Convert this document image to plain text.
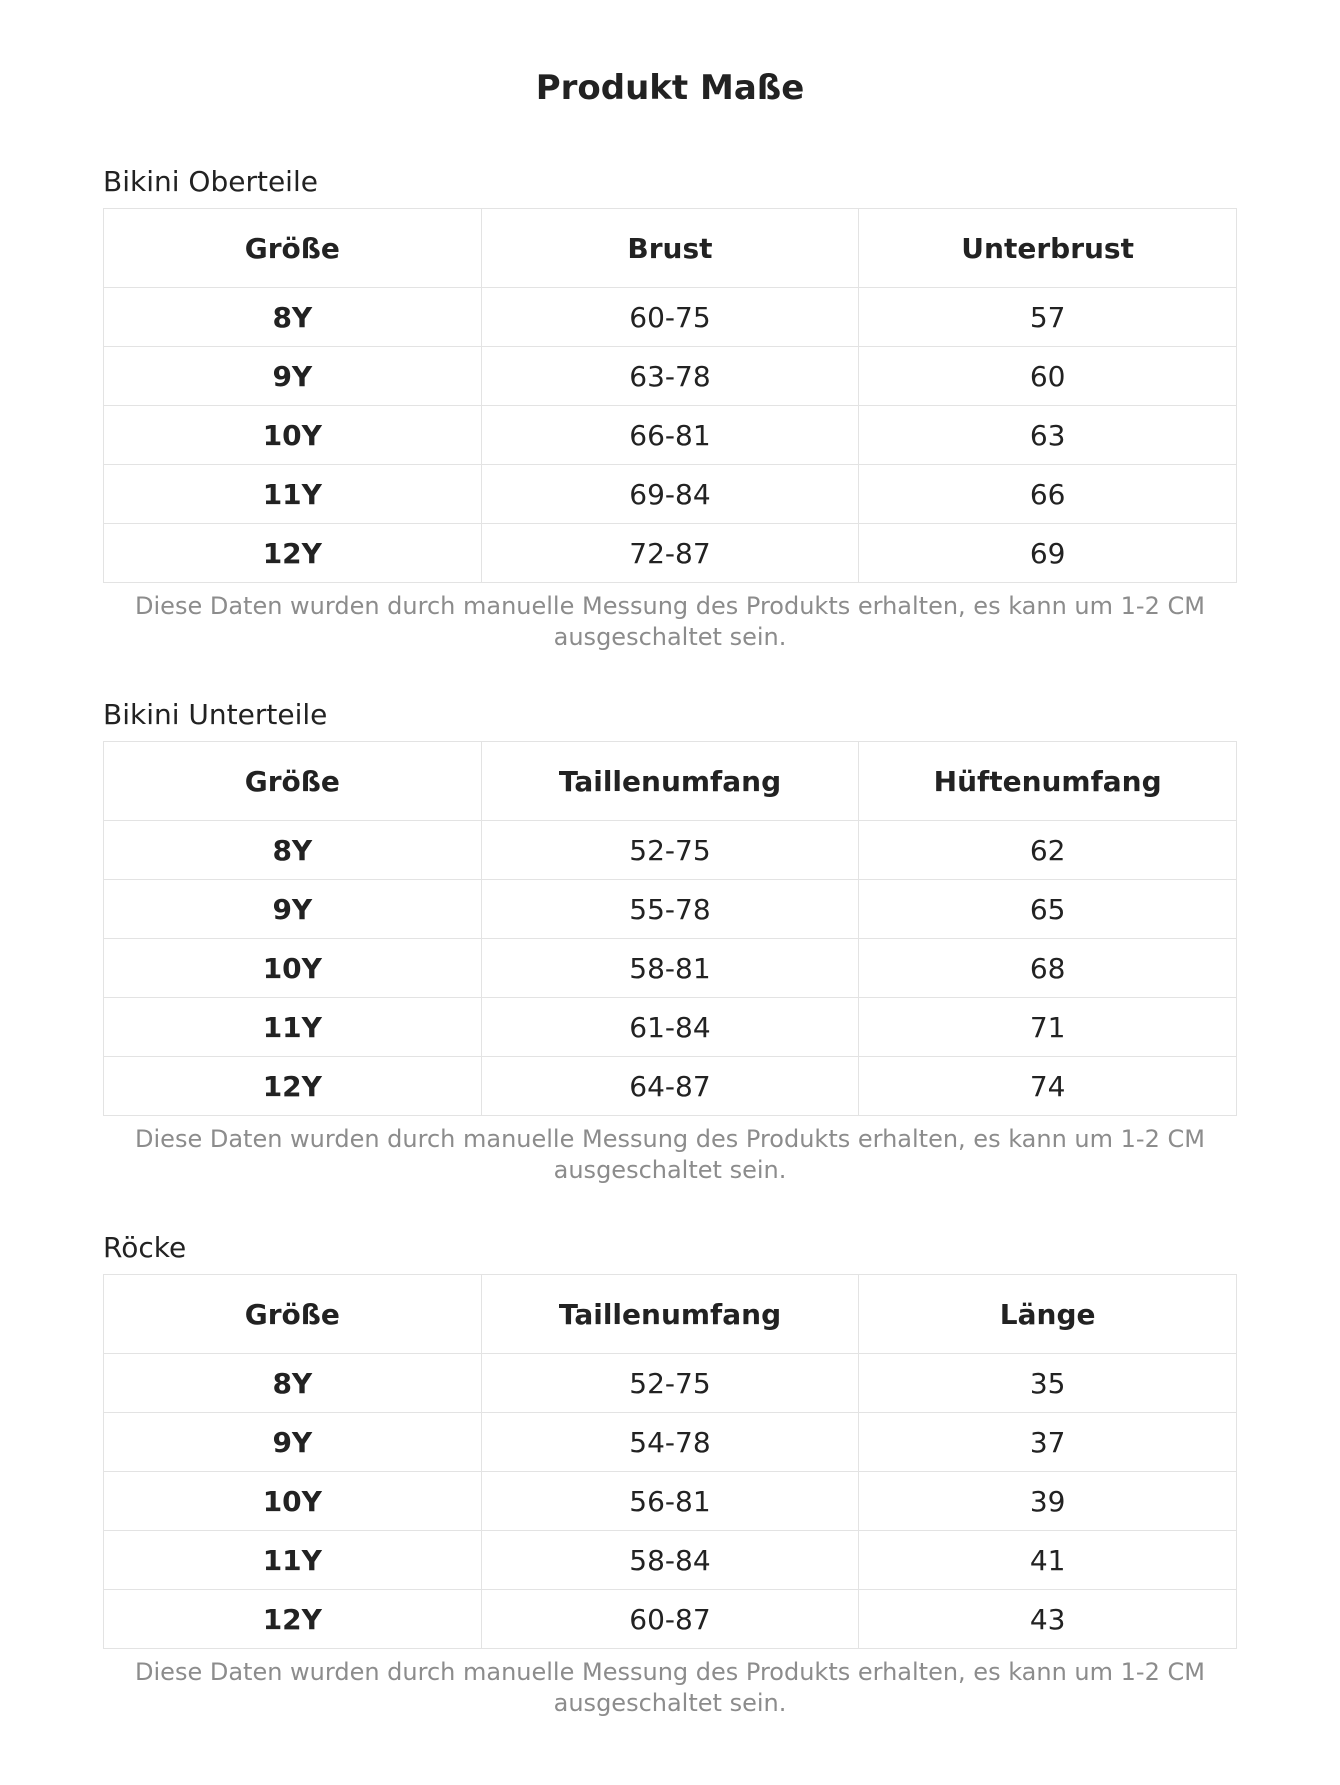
Produkt Maße
Bikini Oberteile
Größe	Brust	Unterbrust
8Y	60-75	57
9Y	63-78	60
10Y	66-81	63
11Y	69-84	66
12Y	72-87	69
Diese Daten wurden durch manuelle Messung des Produkts erhalten, es kann um 1-2 CM ausgeschaltet sein.
Bikini Unterteile
Größe	Taillenumfang	Hüftenumfang
8Y	52-75	62
9Y	55-78	65
10Y	58-81	68
11Y	61-84	71
12Y	64-87	74
Diese Daten wurden durch manuelle Messung des Produkts erhalten, es kann um 1-2 CM ausgeschaltet sein.
Röcke
Größe	Taillenumfang	Länge
8Y	52-75	35
9Y	54-78	37
10Y	56-81	39
11Y	58-84	41
12Y	60-87	43
Diese Daten wurden durch manuelle Messung des Produkts erhalten, es kann um 1-2 CM ausgeschaltet sein.
